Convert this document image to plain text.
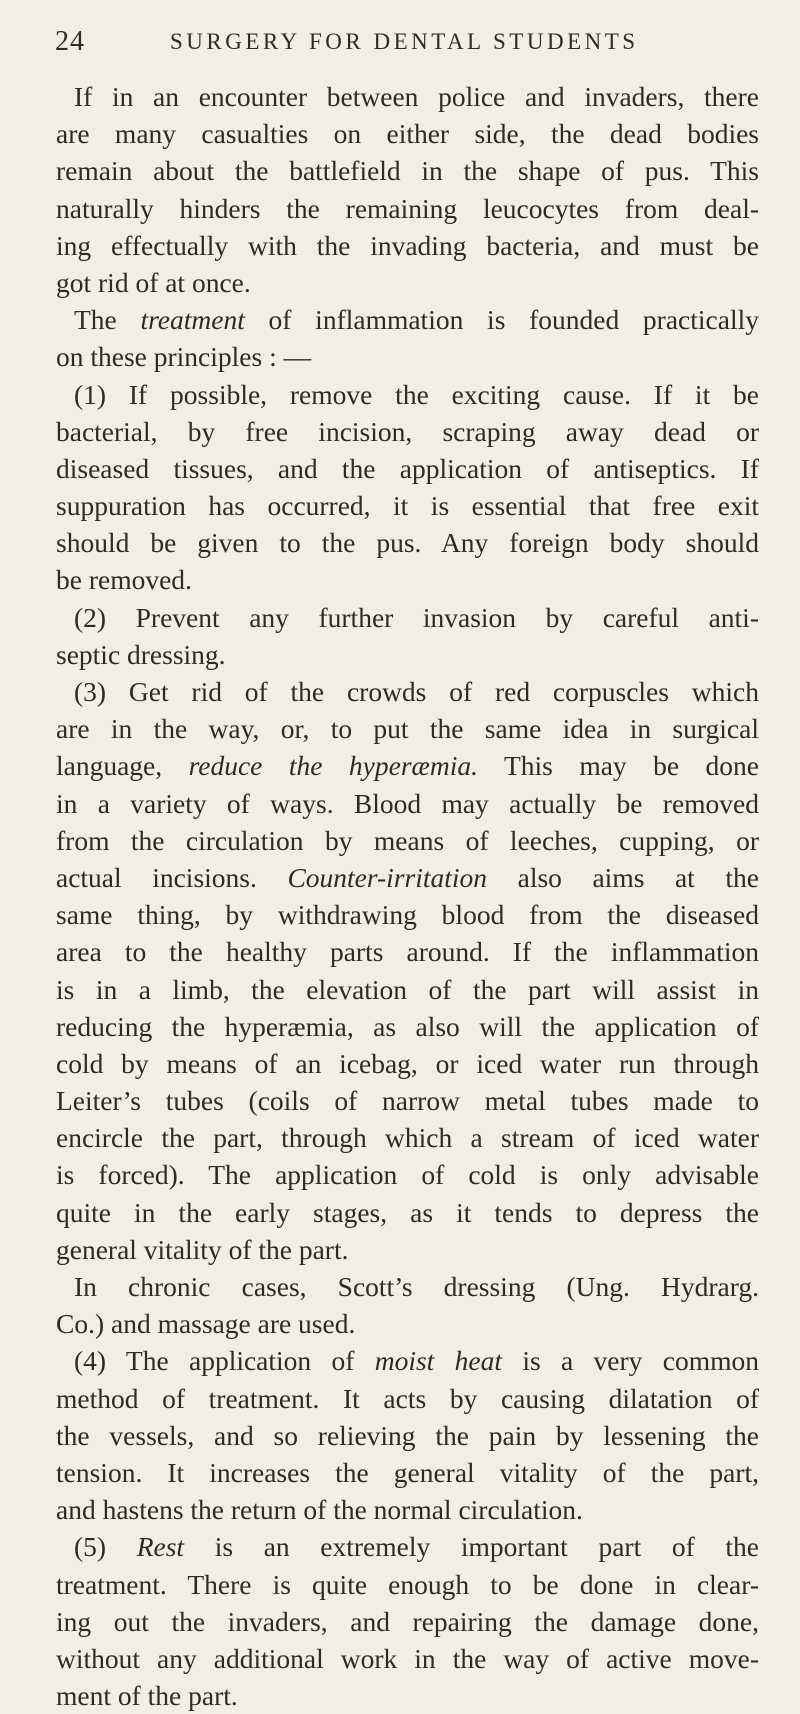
24	SURGERY FOR DENTAL STUDENTS
If in an encounter between police and invaders, there
are many casualties on either side, the dead bodies
remain about the battlefield in the shape of pus. This
naturally hinders the remaining leucocytes from deal-
ing effectually with the invading bacteria, and must be
got rid of at once.
The treatment of inflammation is founded practically
on these principles : —
(1) If possible, remove the exciting cause. If it be
bacterial, by free incision, scraping away dead or
diseased tissues, and the application of antiseptics. If
suppuration has occurred, it is essential that free exit
should be given to the pus. Any foreign body should
be removed.
(2) Prevent any further invasion by careful anti-
septic dressing.
(3) Get rid of the crowds of red corpuscles which
are in the way, or, to put the same idea in surgical
language, reduce the hyperæmia. This may be done
in a variety of ways. Blood may actually be removed
from the circulation by means of leeches, cupping, or
actual incisions. Counter-irritation also aims at the
same thing, by withdrawing blood from the diseased
area to the healthy parts around. If the inflammation
is in a limb, the elevation of the part will assist in
reducing the hyperæmia, as also will the application of
cold by means of an icebag, or iced water run through
Leiter’s tubes (coils of narrow metal tubes made to
encircle the part, through which a stream of iced water
is forced). The application of cold is only advisable
quite in the early stages, as it tends to depress the
general vitality of the part.
In chronic cases, Scott’s dressing (Ung. Hydrarg.
Co.) and massage are used.
(4) The application of moist heat is a very common
method of treatment. It acts by causing dilatation of
the vessels, and so relieving the pain by lessening the
tension. It increases the general vitality of the part,
and hastens the return of the normal circulation.
(5) Rest is an extremely important part of the
treatment. There is quite enough to be done in clear-
ing out the invaders, and repairing the damage done,
without any additional work in the way of active move-
ment of the part.
